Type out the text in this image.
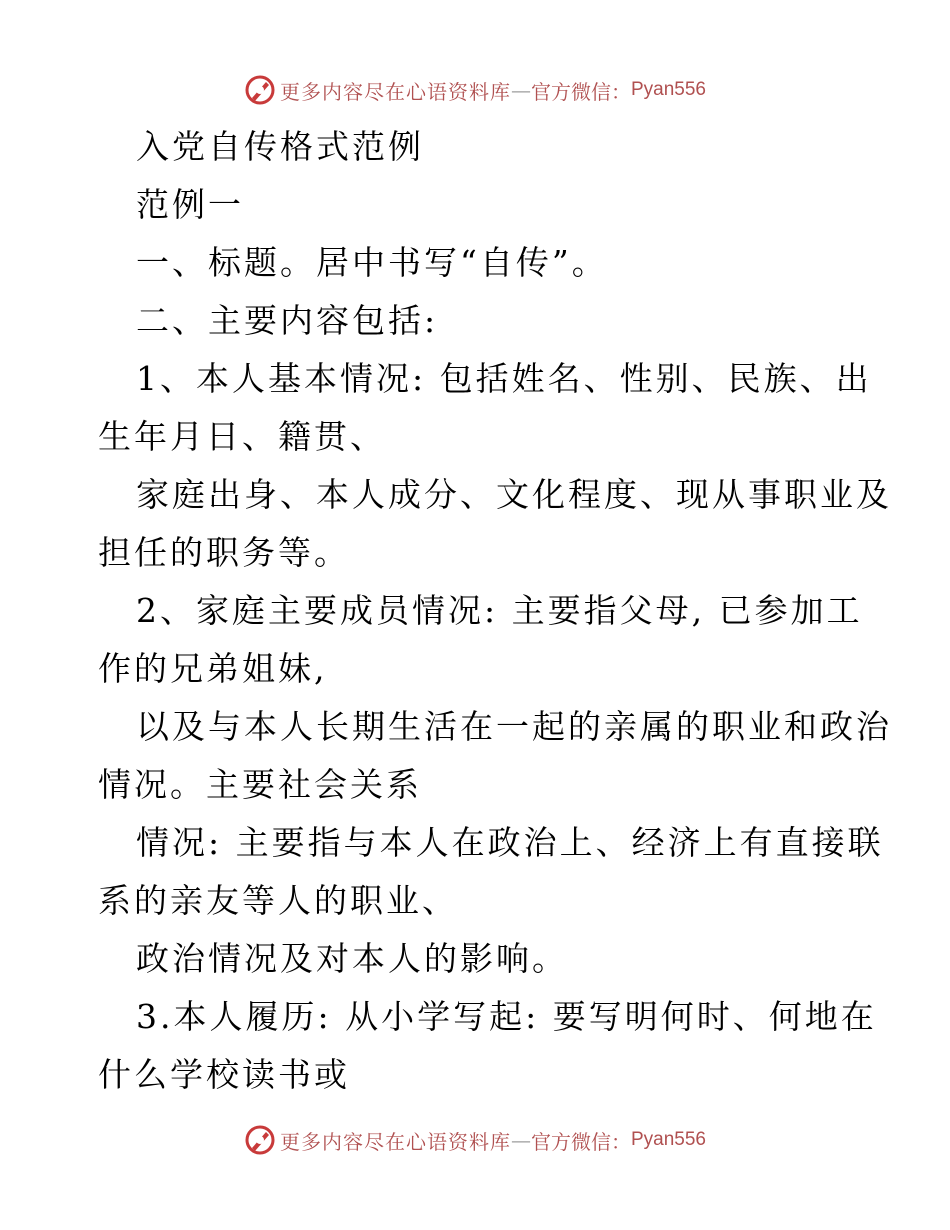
更多内容尽在心语资料库 — 官方微信： Pyan556
入党自传格式范例
范例一
一、标题。居中书写“自传”。
二、主要内容包括:
1、本人基本情况: 包括姓名、性别、民族、出
生年月日、籍贯、
家庭出身、本人成分、文化程度、现从事职业及
担任的职务等。
2、家庭主要成员情况: 主要指父母, 已参加工
作的兄弟姐妹,
以及与本人长期生活在一起的亲属的职业和政治
情况。主要社会关系
情况: 主要指与本人在政治上、经济上有直接联
系的亲友等人的职业、
政治情况及对本人的影响。
3.本人履历: 从小学写起: 要写明何时、何地在
什么学校读书或
更多内容尽在心语资料库 — 官方微信： Pyan556
